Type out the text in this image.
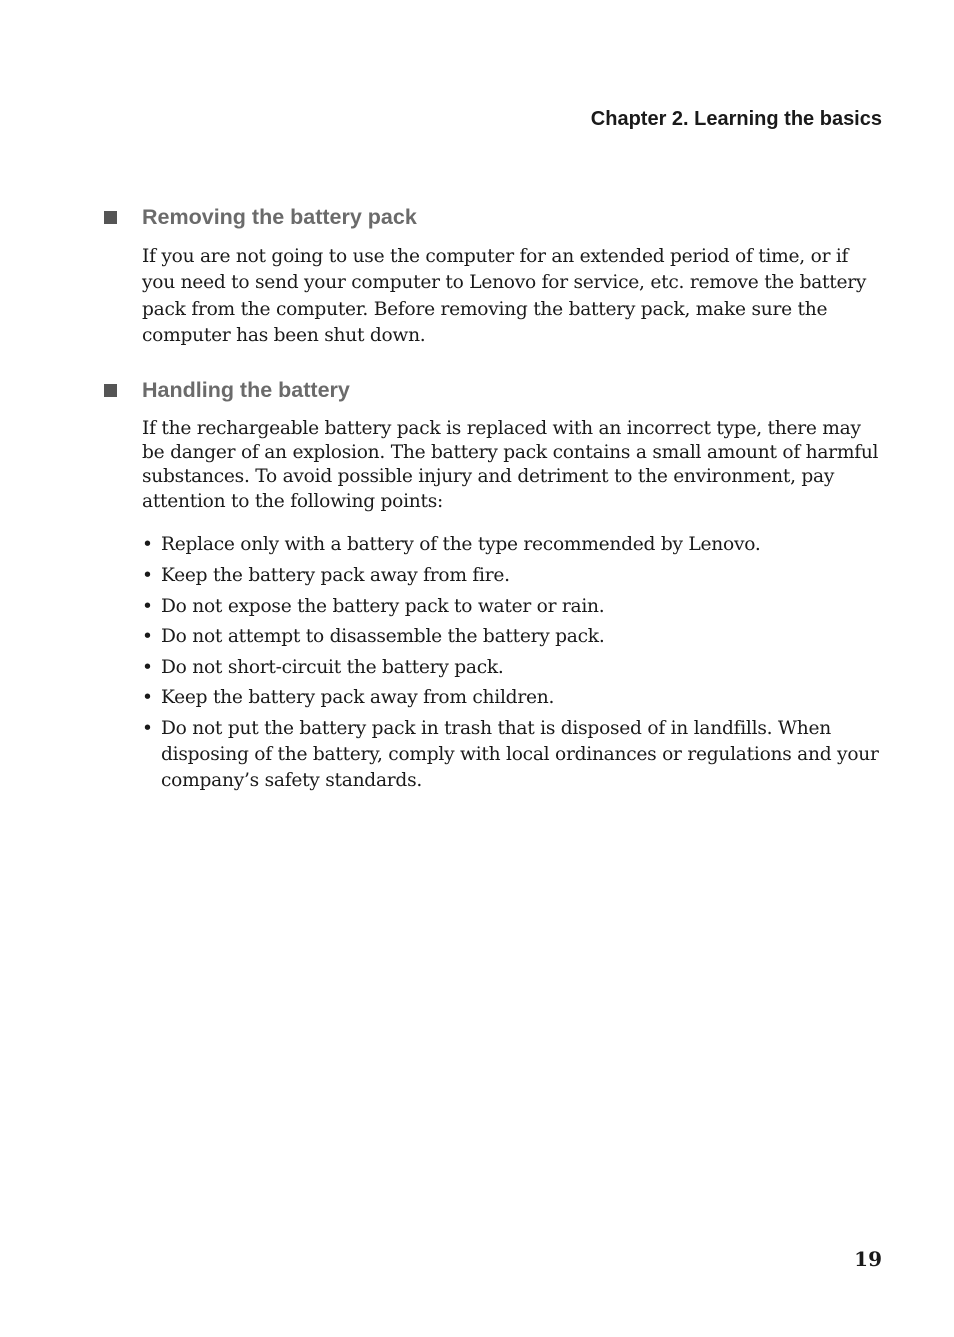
Chapter 2. Learning the basics
Removing the battery pack

If you are not going to use the computer for an extended period of time, or if you need to send your computer to Lenovo for service, etc. remove the battery pack from the computer. Before removing the battery pack, make sure the computer has been shut down.

Handling the battery

If the rechargeable battery pack is replaced with an incorrect type, there may be danger of an explosion. The battery pack contains a small amount of harmful substances. To avoid possible injury and detriment to the environment, pay attention to the following points:

• Replace only with a battery of the type recommended by Lenovo.
• Keep the battery pack away from fire.
• Do not expose the battery pack to water or rain.
• Do not attempt to disassemble the battery pack.
• Do not short-circuit the battery pack.
• Keep the battery pack away from children.
• Do not put the battery pack in trash that is disposed of in landfills. When disposing of the battery, comply with local ordinances or regulations and your company’s safety standards.
19
